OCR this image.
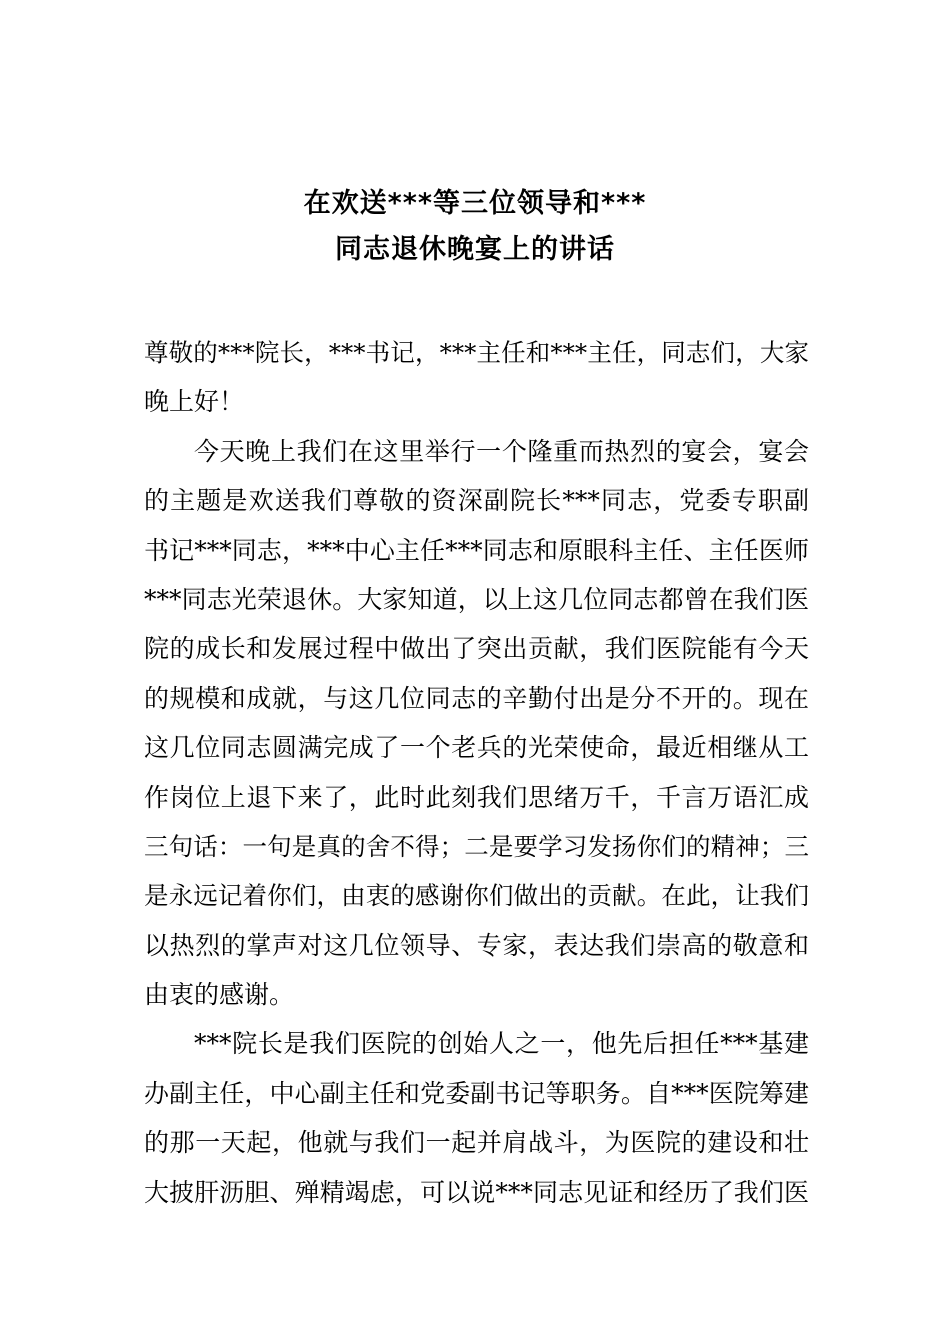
在欢送***等三位领导和***
同志退休晚宴上的讲话
尊敬的***院长，***书记，***主任和***主任，同志们，大家
晚上好！
今天晚上我们在这里举行一个隆重而热烈的宴会，宴会
的主题是欢送我们尊敬的资深副院长***同志，党委专职副
书记***同志，***中心主任***同志和原眼科主任、主任医师
***同志光荣退休。大家知道，以上这几位同志都曾在我们医
院的成长和发展过程中做出了突出贡献，我们医院能有今天
的规模和成就，与这几位同志的辛勤付出是分不开的。现在
这几位同志圆满完成了一个老兵的光荣使命，最近相继从工
作岗位上退下来了，此时此刻我们思绪万千，千言万语汇成
三句话：一句是真的舍不得；二是要学习发扬你们的精神；三
是永远记着你们，由衷的感谢你们做出的贡献。在此，让我们
以热烈的掌声对这几位领导、专家，表达我们崇高的敬意和
由衷的感谢。
***院长是我们医院的创始人之一，他先后担任***基建
办副主任，中心副主任和党委副书记等职务。自***医院筹建
的那一天起，他就与我们一起并肩战斗，为医院的建设和壮
大披肝沥胆、殚精竭虑，可以说***同志见证和经历了我们医
